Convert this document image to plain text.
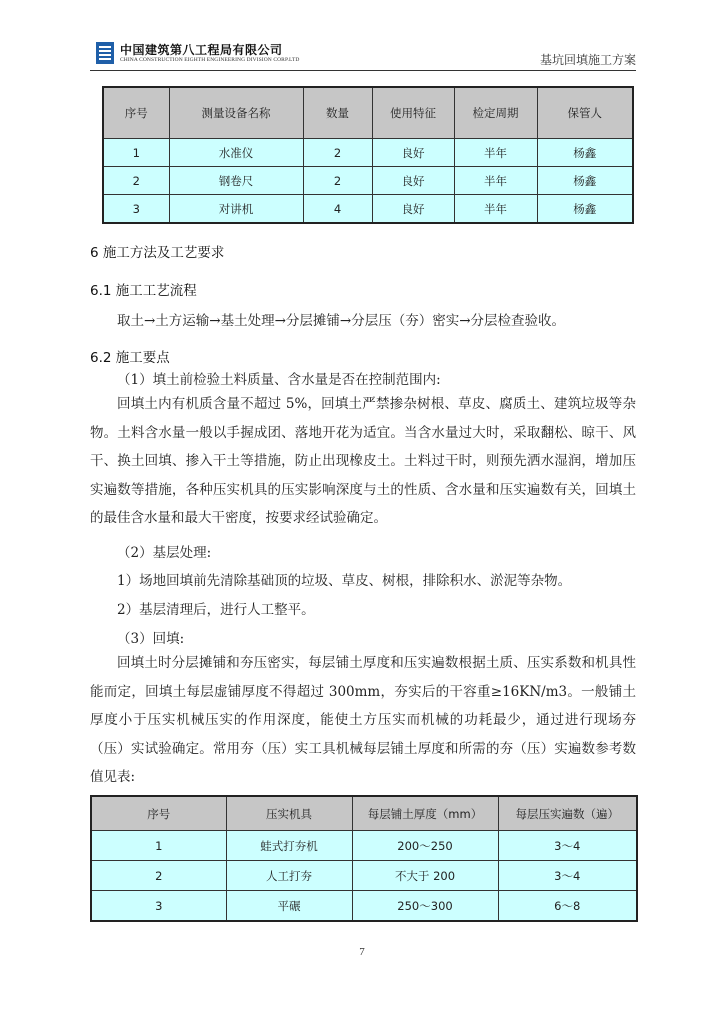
中国建筑第八工程局有限公司
CHINA CONSTRUCTION EIGHTH ENGINEERING DIVISION CORP.LTD	基坑回填施工方案
序号	测量设备名称	数量	使用特征	检定周期	保管人
1	水准仪	2	良好	半年	杨鑫
2	钢卷尺	2	良好	半年	杨鑫
3	对讲机	4	良好	半年	杨鑫
6 施工方法及工艺要求
6.1 施工工艺流程
取土→土方运输→基土处理→分层摊铺→分层压（夯）密实→分层检查验收。
6.2 施工要点
（1）填土前检验土料质量、含水量是否在控制范围内:

回填土内有机质含量不超过 5%，回填土严禁掺杂树根、草皮、腐质土、建筑垃圾等杂物。土料含水量一般以手握成团、落地开花为适宜。当含水量过大时，采取翻松、晾干、风干、换土回填、掺入干土等措施，防止出现橡皮土。土料过干时，则预先洒水湿润，增加压实遍数等措施，各种压实机具的压实影响深度与土的性质、含水量和压实遍数有关，回填土的最佳含水量和最大干密度，按要求经试验确定。

（2）基层处理:
1）场地回填前先清除基础顶的垃圾、草皮、树根，排除积水、淤泥等杂物。
2）基层清理后，进行人工整平。
（3）回填:

回填土时分层摊铺和夯压密实，每层铺土厚度和压实遍数根据土质、压实系数和机具性能而定，回填土每层虚铺厚度不得超过 300mm，夯实后的干容重≥16KN/m3。一般铺土厚度小于压实机械压实的作用深度，能使土方压实而机械的功耗最少，通过进行现场夯（压）实试验确定。常用夯（压）实工具机械每层铺土厚度和所需的夯（压）实遍数参考数值见表:

序号	压实机具	每层铺土厚度（mm）	每层压实遍数（遍）
1	蛙式打夯机	200～250	3～4
2	人工打夯	不大于 200	3～4
3	平碾	250～300	6～8
7
